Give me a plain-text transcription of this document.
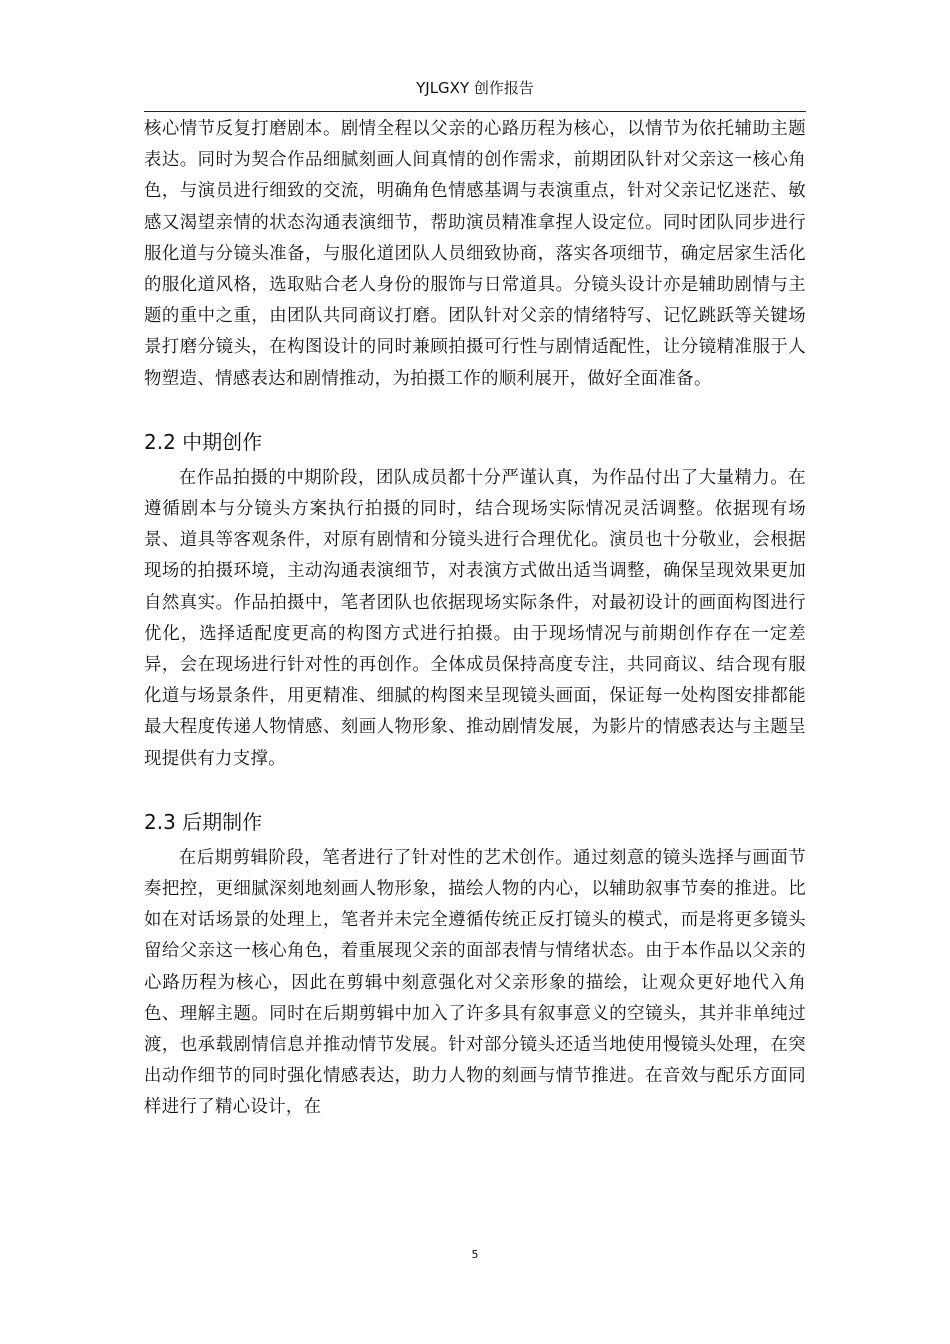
YJLGXY 创作报告

核心情节反复打磨剧本。剧情全程以父亲的心路历程为核心，以情节为依托辅助主题表达。同时为契合作品细腻刻画人间真情的创作需求，前期团队针对父亲这一核心角色，与演员进行细致的交流，明确角色情感基调与表演重点，针对父亲记忆迷茫、敏感又渴望亲情的状态沟通表演细节，帮助演员精准拿捏人设定位。同时团队同步进行服化道与分镜头准备，与服化道团队人员细致协商，落实各项细节，确定居家生活化的服化道风格，选取贴合老人身份的服饰与日常道具。分镜头设计亦是辅助剧情与主题的重中之重，由团队共同商议打磨。团队针对父亲的情绪特写、记忆跳跃等关键场景打磨分镜头，在构图设计的同时兼顾拍摄可行性与剧情适配性，让分镜精准服于人物塑造、情感表达和剧情推动，为拍摄工作的顺利展开，做好全面准备。

2.2 中期创作

在作品拍摄的中期阶段，团队成员都十分严谨认真，为作品付出了大量精力。在遵循剧本与分镜头方案执行拍摄的同时，结合现场实际情况灵活调整。依据现有场景、道具等客观条件，对原有剧情和分镜头进行合理优化。演员也十分敬业，会根据现场的拍摄环境，主动沟通表演细节，对表演方式做出适当调整，确保呈现效果更加自然真实。作品拍摄中，笔者团队也依据现场实际条件，对最初设计的画面构图进行优化，选择适配度更高的构图方式进行拍摄。由于现场情况与前期创作存在一定差异，会在现场进行针对性的再创作。全体成员保持高度专注，共同商议、结合现有服化道与场景条件，用更精准、细腻的构图来呈现镜头画面，保证每一处构图安排都能最大程度传递人物情感、刻画人物形象、推动剧情发展，为影片的情感表达与主题呈现提供有力支撑。

2.3 后期制作

在后期剪辑阶段，笔者进行了针对性的艺术创作。通过刻意的镜头选择与画面节奏把控，更细腻深刻地刻画人物形象，描绘人物的内心，以辅助叙事节奏的推进。比如在对话场景的处理上，笔者并未完全遵循传统正反打镜头的模式，而是将更多镜头留给父亲这一核心角色，着重展现父亲的面部表情与情绪状态。由于本作品以父亲的心路历程为核心，因此在剪辑中刻意强化对父亲形象的描绘，让观众更好地代入角色、理解主题。同时在后期剪辑中加入了许多具有叙事意义的空镜头，其并非单纯过渡，也承载剧情信息并推动情节发展。针对部分镜头还适当地使用慢镜头处理，在突出动作细节的同时强化情感表达，助力人物的刻画与情节推进。在音效与配乐方面同样进行了精心设计，在

5
